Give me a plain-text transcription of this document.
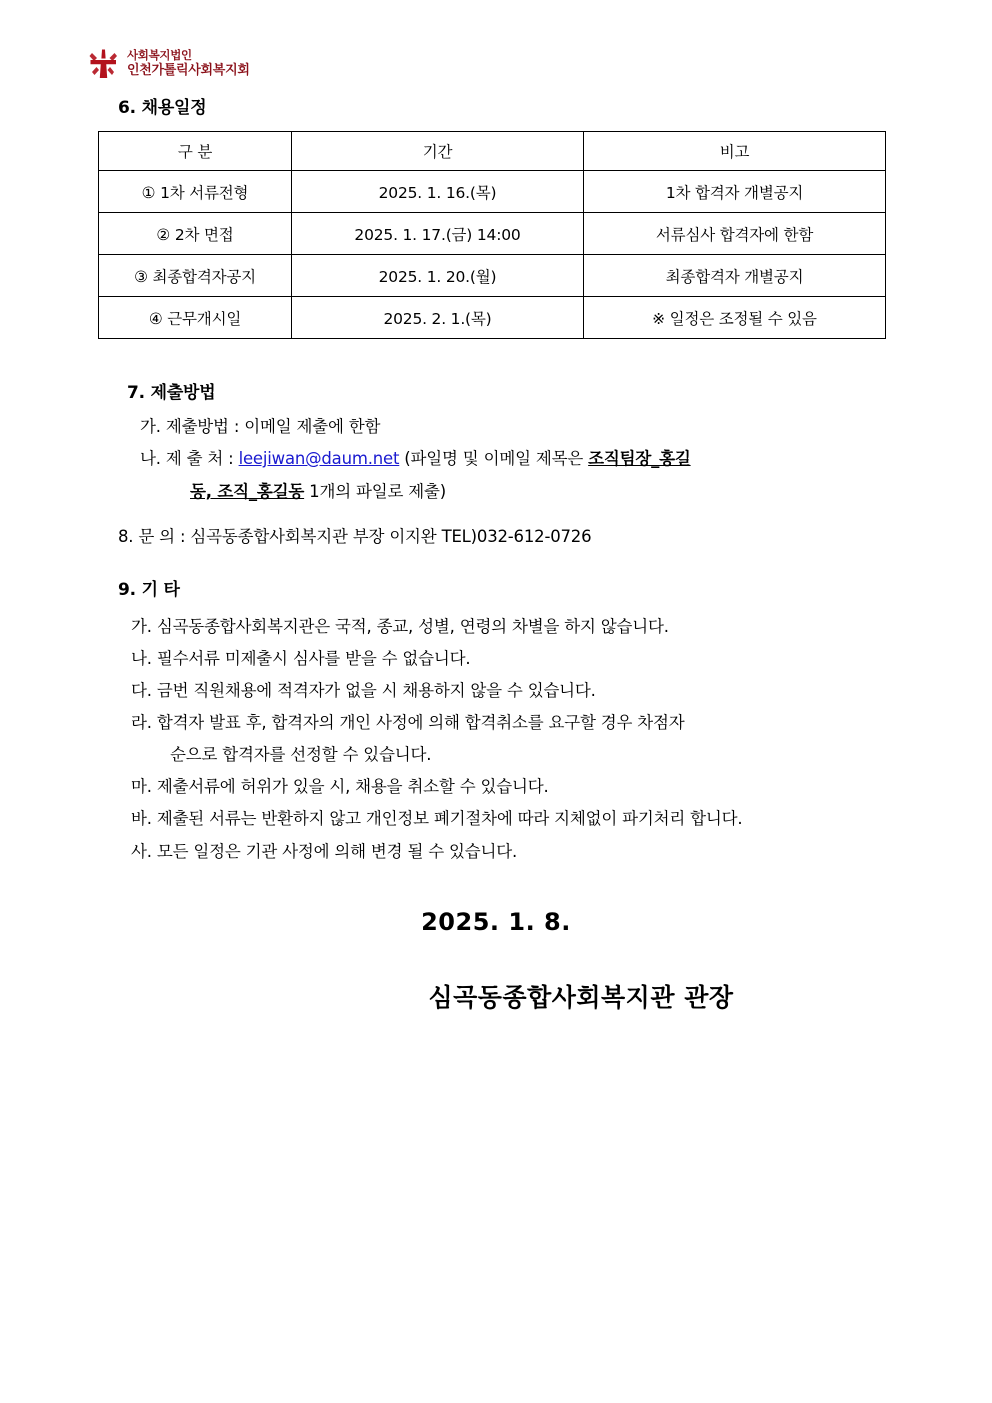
사회복지법인
인천가톨릭사회복지회
6. 채용일정
구 분	기간	비고
① 1차 서류전형	2025. 1. 16.(목)	1차 합격자 개별공지
② 2차 면접	2025. 1. 17.(금) 14:00	서류심사 합격자에 한함
③ 최종합격자공지	2025. 1. 20.(월)	최종합격자 개별공지
④ 근무개시일	2025. 2. 1.(목)	※ 일정은 조정될 수 있음
7. 제출방법
가. 제출방법 : 이메일 제출에 한함
나. 제 출 처 : leejiwan@daum.net (파일명 및 이메일 제목은 조직팀장_홍길
동, 조직_홍길동 1개의 파일로 제출)
8. 문 의 : 심곡동종합사회복지관 부장 이지완 TEL)032-612-0726
9. 기 타
가. 심곡동종합사회복지관은 국적, 종교, 성별, 연령의 차별을 하지 않습니다.
나. 필수서류 미제출시 심사를 받을 수 없습니다.
다. 금번 직원채용에 적격자가 없을 시 채용하지 않을 수 있습니다.
라. 합격자 발표 후, 합격자의 개인 사정에 의해 합격취소를 요구할 경우 차점자
순으로 합격자를 선정할 수 있습니다.
마. 제출서류에 허위가 있을 시, 채용을 취소할 수 있습니다.
바. 제출된 서류는 반환하지 않고 개인정보 폐기절차에 따라 지체없이 파기처리 합니다.
사. 모든 일정은 기관 사정에 의해 변경 될 수 있습니다.
2025. 1. 8.
심곡동종합사회복지관 관장
